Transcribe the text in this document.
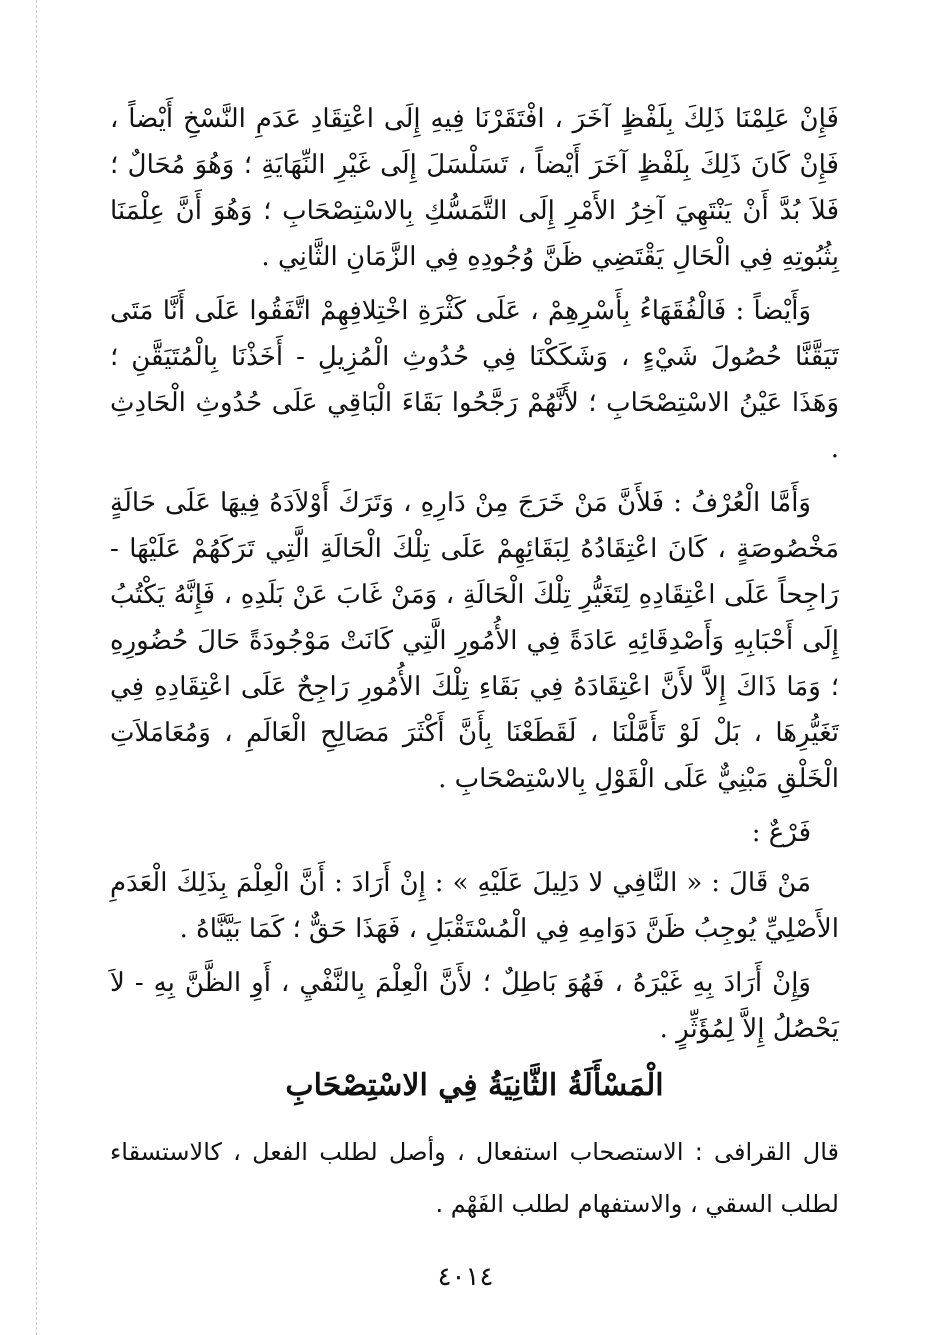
فَإِنْ عَلِمْنَا ذَلِكَ بِلَفْظٍ آخَرَ ، افْتَقَرْنَا فِيهِ إِلَى اعْتِقَادِ عَدَمِ النَّسْخِ أَيْضاً ، فَإِنْ كَانَ ذَلِكَ بِلَفْظٍ آخَرَ أَيْضاً ، تَسَلْسَلَ إِلَى غَيْرِ النِّهَايَةِ ؛ وَهُوَ مُحَالٌ ؛ فَلاَ بُدَّ أَنْ يَنْتَهِيَ آخِرُ الأَمْرِ إِلَى التَّمَسُّكِ بِالاسْتِصْحَابِ ؛ وَهُوَ أَنَّ عِلْمَنَا بِثُبُوتِهِ فِي الْحَالِ يَقْتَضِي ظَنَّ وُجُودِهِ فِي الزَّمَانِ الثَّانِي .

وَأَيْضاً : فَالْفُقَهَاءُ بِأَسْرِهِمْ ، عَلَى كَثْرَةِ اخْتِلافِهِمْ اتَّفَقُوا عَلَى أَنَّا مَتَى تَيَقَّنَّا حُصُولَ شَيْءٍ ، وَشَكَكْنَا فِي حُدُوثِ الْمُزِيلِ - أَخَذْنَا بِالْمُتَيَقَّنِ ؛ وَهَذَا عَيْنُ الاسْتِصْحَابِ ؛ لأَنَّهُمْ رَجَّحُوا بَقَاءَ الْبَاقِي عَلَى حُدُوثِ الْحَادِثِ .

وَأَمَّا الْعُرْفُ : فَلأَنَّ مَنْ خَرَجَ مِنْ دَارِهِ ، وَتَرَكَ أَوْلاَدَهُ فِيهَا عَلَى حَالَةٍ مَخْصُوصَةٍ ، كَانَ اعْتِقَادُهُ لِبَقَائِهِمْ عَلَى تِلْكَ الْحَالَةِ الَّتِي تَرَكَهُمْ عَلَيْهَا - رَاجِحاً عَلَى اعْتِقَادِهِ لِتَغَيُّرِ تِلْكَ الْحَالَةِ ، وَمَنْ غَابَ عَنْ بَلَدِهِ ، فَإِنَّهُ يَكْتُبُ إِلَى أَحْبَابِهِ وَأَصْدِقَائِهِ عَادَةً فِي الأُمُورِ الَّتِي كَانَتْ مَوْجُودَةً حَالَ حُضُورِهِ ؛ وَمَا ذَاكَ إِلاَّ لأَنَّ اعْتِقَادَهُ فِي بَقَاءِ تِلْكَ الأُمُورِ رَاجِحٌ عَلَى اعْتِقَادِهِ فِي تَغَيُّرِهَا ، بَلْ لَوْ تَأَمَّلْنَا ، لَقَطَعْنَا بِأَنَّ أَكْثَرَ مَصَالِحِ الْعَالَمِ ، وَمُعَامَلاَتِ الْخَلْقِ مَبْنِيٌّ عَلَى الْقَوْلِ بِالاسْتِصْحَابِ .

فَرْعٌ :

مَنْ قَالَ : « النَّافِي لا دَلِيلَ عَلَيْهِ » : إِنْ أَرَادَ : أَنَّ الْعِلْمَ بِذَلِكَ الْعَدَمِ الأَصْلِيِّ يُوجِبُ ظَنَّ دَوَامِهِ فِي الْمُسْتَقْبَلِ ، فَهَذَا حَقٌّ ؛ كَمَا بَيَّنَّاهُ .

وَإِنْ أَرَادَ بِهِ غَيْرَهُ ، فَهُوَ بَاطِلٌ ؛ لأَنَّ الْعِلْمَ بِالنَّفْيِ ، أَوِ الظَّنَّ بِهِ - لاَ يَحْصُلُ إِلاَّ لِمُؤَثِّرٍ .

الْمَسْأَلَةُ الثَّانِيَةُ فِي الاسْتِصْحَابِ
قال القرافى : الاستصحاب استفعال ، وأصل لطلب الفعل ، كالاستسقاء لطلب السقي ، والاستفهام لطلب الفَهْم .
٤٠١٤
